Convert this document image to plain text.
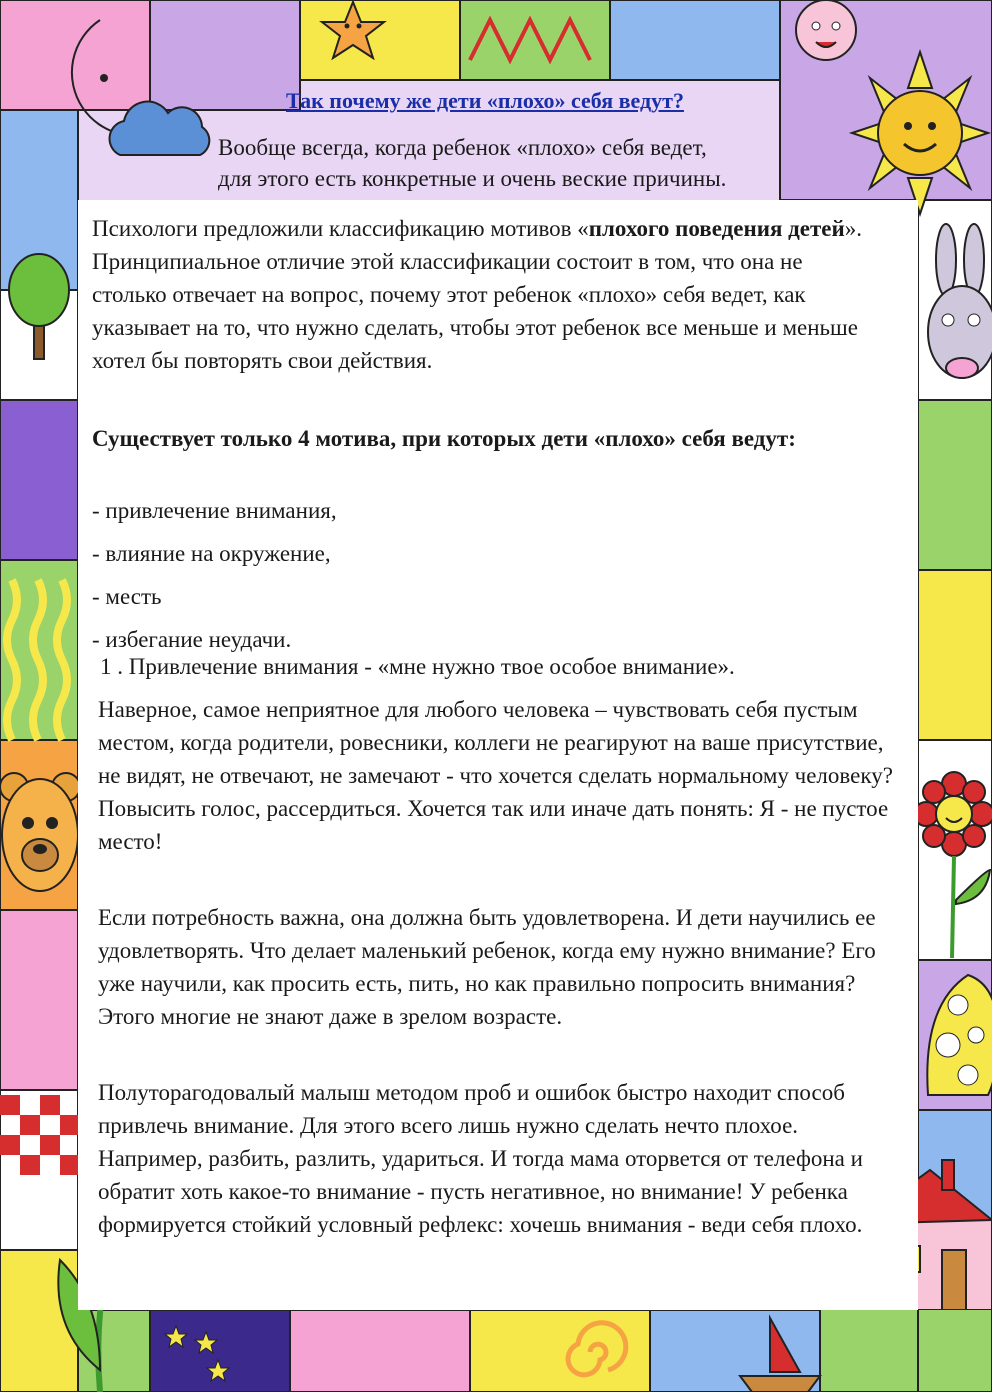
Так почему же дети «плохо» себя ведут?
Вообще всегда, когда ребенок «плохо» себя ведет,
для этого есть конкретные и очень веские причины.
Психологи предложили классификацию мотивов «плохого поведения детей». Принципиальное отличие этой классификации состоит в том, что она не столько отвечает на вопрос, почему этот ребенок «плохо» себя ведет, как указывает на то, что нужно сделать, чтобы этот ребенок все меньше и меньше хотел бы повторять свои действия.
Существует только 4 мотива, при которых дети «плохо» себя ведут:
- привлечение внимания,
- влияние на окружение,
- месть
- избегание неудачи.
1 . Привлечение внимания - «мне нужно твое особое внимание».
Наверное, самое неприятное для любого человека – чувствовать себя пустым местом, когда родители, ровесники, коллеги не реагируют на ваше присутствие, не видят, не отвечают, не замечают - что хочется сделать нормальному человеку? Повысить голос, рассердиться. Хочется так или иначе дать понять: Я - не пустое место!
Если потребность важна, она должна быть удовлетворена. И дети научились ее удовлетворять. Что делает маленький ребенок, когда ему нужно внимание? Его уже научили, как просить есть, пить, но как правильно попросить внимания? Этого многие не знают даже в зрелом возрасте.
Полуторагодовалый малыш методом проб и ошибок быстро находит способ привлечь внимание. Для этого всего лишь нужно сделать нечто плохое. Например, разбить, разлить, удариться. И тогда мама оторвется от телефона и обратит хоть какое-то внимание - пусть негативное, но внимание! У ребенка формируется стойкий условный рефлекс: хочешь внимания - веди себя плохо.
